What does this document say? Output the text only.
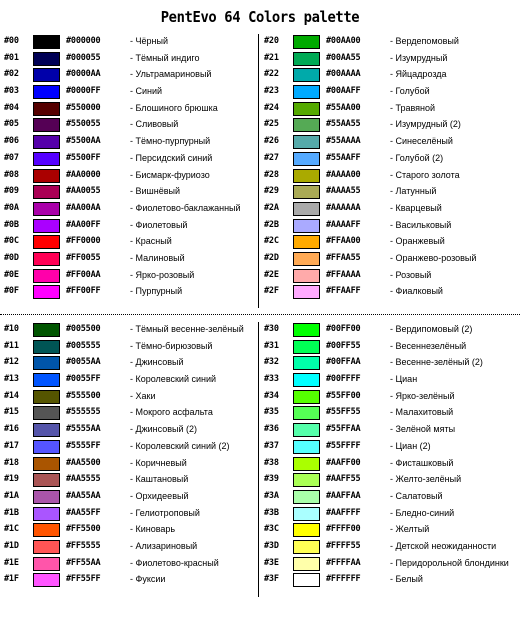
PentEvo 64 Colors palette
#00	#000000	- Чёрный
#01	#000055	- Тёмный индиго
#02	#0000AA	- Ультрамариновый
#03	#0000FF	- Синий
#04	#550000	- Блошиного брюшка
#05	#550055	- Сливовый
#06	#5500AA	- Тёмно-пурпурный
#07	#5500FF	- Персидский синий
#08	#AA0000	- Бисмарк-фуриозо
#09	#AA0055	- Вишнёвый
#0A	#AA00AA	- Фиолетово-баклажанный
#0B	#AA00FF	- Фиолетовый
#0C	#FF0000	- Красный
#0D	#FF0055	- Малиновый
#0E	#FF00AA	- Ярко-розовый
#0F	#FF00FF	- Пурпурный
#20	#00AA00	- Вердепомовый
#21	#00AA55	- Изумрудный
#22	#00AAAA	- Яйцадрозда
#23	#00AAFF	- Голубой
#24	#55AA00	- Травяной
#25	#55AA55	- Изумрудный (2)
#26	#55AAAA	- Синеселёный
#27	#55AAFF	- Голубой (2)
#28	#AAAA00	- Старого золота
#29	#AAAA55	- Латунный
#2A	#AAAAAA	- Кварцевый
#2B	#AAAAFF	- Васильковый
#2C	#FFAA00	- Оранжевый
#2D	#FFAA55	- Оранжево-розовый
#2E	#FFAAAA	- Розовый
#2F	#FFAAFF	- Фиалковый
#10	#005500	- Тёмный весенне-зелёный
#11	#005555	- Тёмно-бирюзовый
#12	#0055AA	- Джинсовый
#13	#0055FF	- Королевский синий
#14	#555500	- Хаки
#15	#555555	- Мокрого асфальта
#16	#5555AA	- Джинсовый (2)
#17	#5555FF	- Королевский синий (2)
#18	#AA5500	- Коричневый
#19	#AA5555	- Каштановый
#1A	#AA55AA	- Орхидеевый
#1B	#AA55FF	- Гелиотроповый
#1C	#FF5500	- Киноварь
#1D	#FF5555	- Ализариновый
#1E	#FF55AA	- Фиолетово-красный
#1F	#FF55FF	- Фуксии
#30	#00FF00	- Вердипомовый (2)
#31	#00FF55	- Весеннезелёный
#32	#00FFAA	- Весенне-зелёный (2)
#33	#00FFFF	- Циан
#34	#55FF00	- Ярко-зелёный
#35	#55FF55	- Малахитовый
#36	#55FFAA	- Зелёной мяты
#37	#55FFFF	- Циан (2)
#38	#AAFF00	- Фисташковый
#39	#AAFF55	- Желто-зелёный
#3A	#AAFFAA	- Салатовый
#3B	#AAFFFF	- Бледно-синий
#3C	#FFFF00	- Желтый
#3D	#FFFF55	- Детской неожиданности
#3E	#FFFFAA	- Перидорольной блондинки
#3F	#FFFFFF	- Белый
